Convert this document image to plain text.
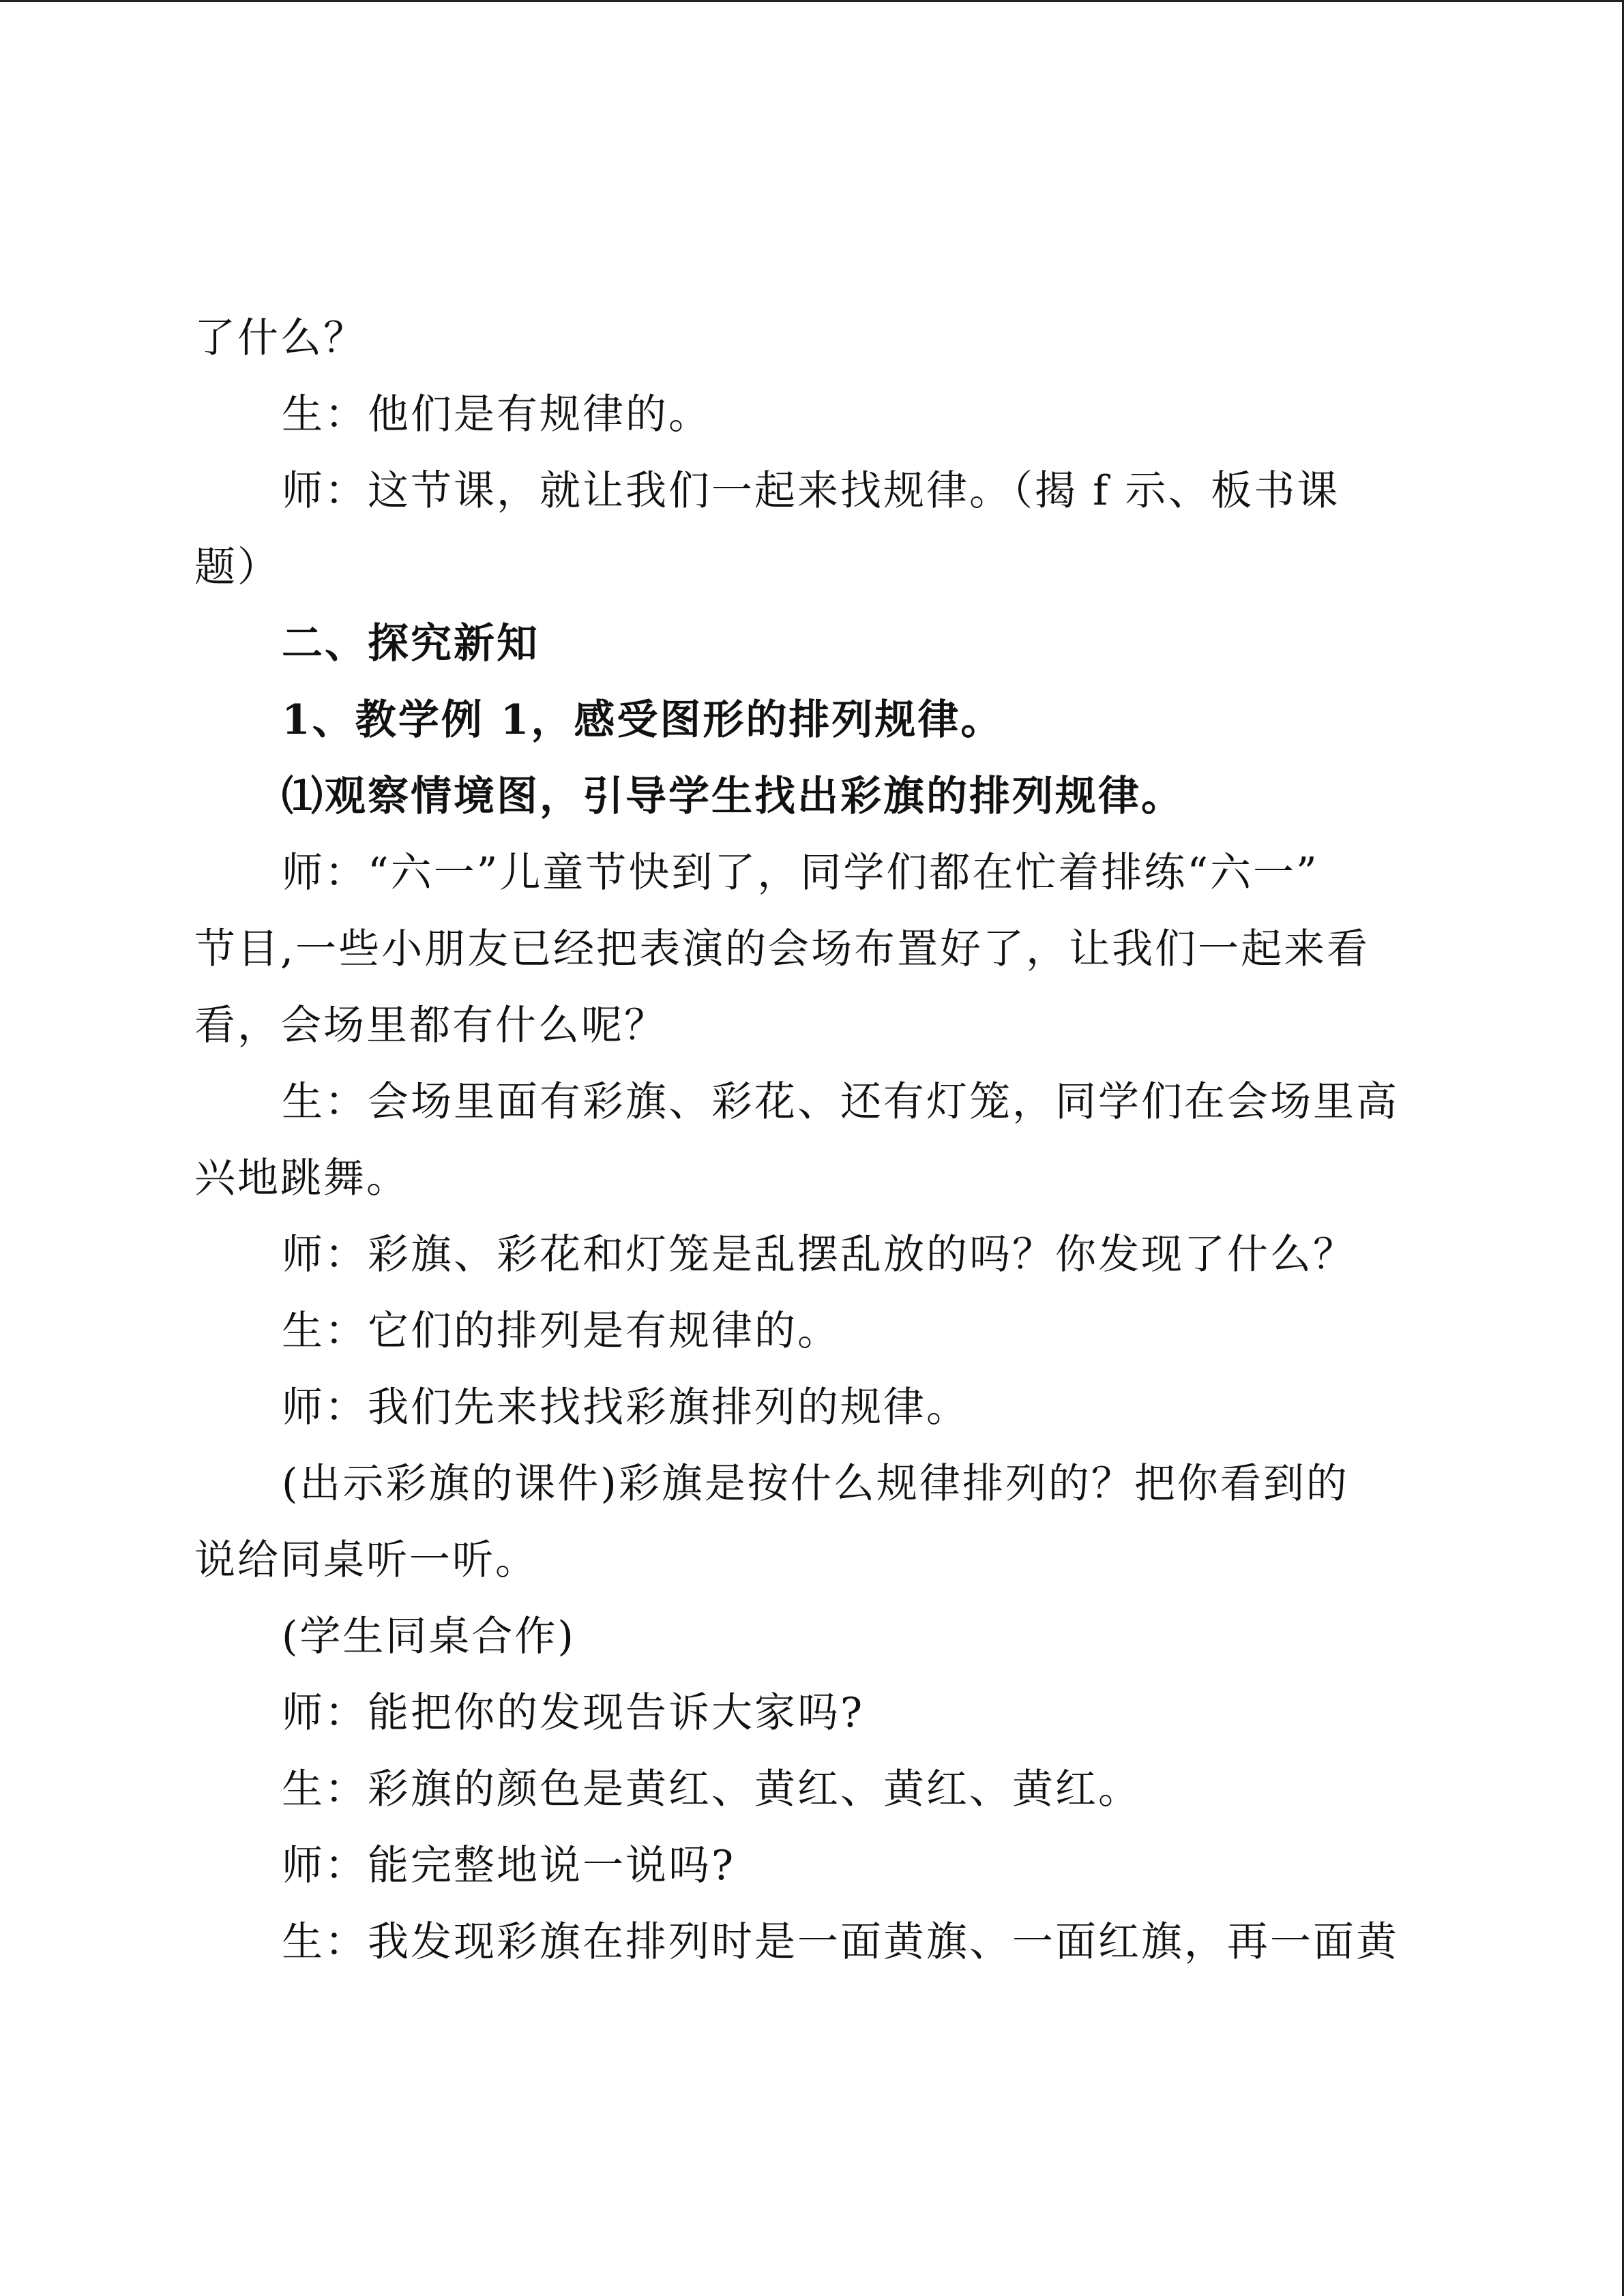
了什么？

生：他们是有规律的。

师：这节课，就让我们一起来找规律。（揭 f 示、板书课

题）

二、探究新知

1、教学例 1，感受图形的排列规律。

⑴观察情境图，引导学生找出彩旗的排列规律。

师：“六一”儿童节快到了，同学们都在忙着排练“六一”

节目,一些小朋友已经把表演的会场布置好了，让我们一起来看

看，会场里都有什么呢？

生：会场里面有彩旗、彩花、还有灯笼，同学们在会场里高

兴地跳舞。

师：彩旗、彩花和灯笼是乱摆乱放的吗？你发现了什么？

生：它们的排列是有规律的。

师：我们先来找找彩旗排列的规律。

(出示彩旗的课件)彩旗是按什么规律排列的？把你看到的

说给同桌听一听。

(学生同桌合作)

师：能把你的发现告诉大家吗?

生：彩旗的颜色是黄红、黄红、黄红、黄红。

师：能完整地说一说吗?

生：我发现彩旗在排列时是一面黄旗、一面红旗，再一面黄
